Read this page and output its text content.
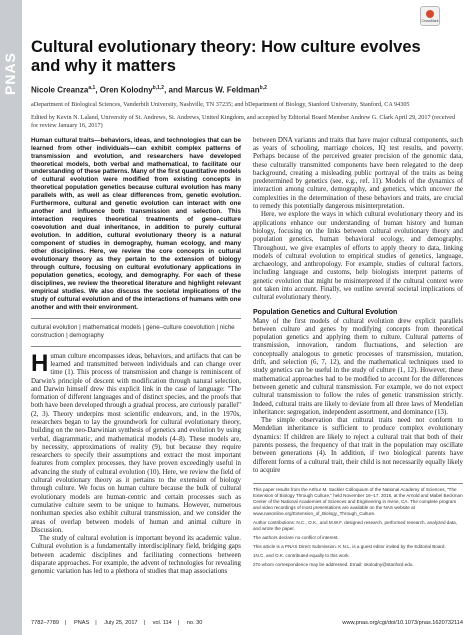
PNAS
CrossMark
Cultural evolutionary theory: How culture evolves and why it matters
Nicole Creanza$^{a,1}$, Oren Kolodny$^{b,1,2}$, and Marcus W. Feldman$^{b,2}$
aDepartment of Biological Sciences, Vanderbilt University, Nashville, TN 37235; and bDepartment of Biology, Stanford University, Stanford, CA 94305
Edited by Kevin N. Laland, University of St. Andrews, St. Andrews, United Kingdom, and accepted by Editorial Board Member Andrew G. Clark April 29, 2017 (received for review January 16, 2017)
Human cultural traits—behaviors, ideas, and technologies that can be learned from other individuals—can exhibit complex patterns of transmission and evolution, and researchers have developed theoretical models, both verbal and mathematical, to facilitate our understanding of these patterns. Many of the first quantitative models of cultural evolution were modified from existing concepts in theoretical population genetics because cultural evolution has many parallels with, as well as clear differences from, genetic evolution. Furthermore, cultural and genetic evolution can interact with one another and influence both transmission and selection. This interaction requires theoretical treatments of gene–culture coevolution and dual inheritance, in addition to purely cultural evolution. In addition, cultural evolutionary theory is a natural component of studies in demography, human ecology, and many other disciplines. Here, we review the core concepts in cultural evolutionary theory as they pertain to the extension of biology through culture, focusing on cultural evolutionary applications in population genetics, ecology, and demography. For each of these disciplines, we review the theoretical literature and highlight relevant empirical studies. We also discuss the societal implications of the study of cultural evolution and of the interactions of humans with one another and with their environment.
cultural evolution | mathematical models | gene–culture coevolution | niche construction | demography
H uman culture encompasses ideas, behaviors, and artifacts that can be learned and transmitted between individuals and can change over time (1). This process of transmission and change is reminiscent of Darwin's principle of descent with modification through natural selection, and Darwin himself drew this explicit link in the case of language: "The formation of different languages and of distinct species, and the proofs that both have been developed through a gradual process, are curiously parallel" (2, 3). Theory underpins most scientific endeavors, and, in the 1970s, researchers began to lay the groundwork for cultural evolutionary theory, building on the neo-Darwinian synthesis of genetics and evolution by using verbal, diagrammatic, and mathematical models (4–8). These models are, by necessity, approximations of reality (9), but because they require researchers to specify their assumptions and extract the most important features from complex processes, they have proven exceedingly useful in advancing the study of cultural evolution (10). Here, we review the field of cultural evolutionary theory as it pertains to the extension of biology through culture. We focus on human culture because the bulk of cultural evolutionary models are human-centric and certain processes such as cumulative culture seem to be unique to humans. However, numerous nonhuman species also exhibit cultural transmission, and we consider the areas of overlap between models of human and animal culture in Discussion.

The study of cultural evolution is important beyond its academic value. Cultural evolution is a fundamentally interdisciplinary field, bridging gaps between academic disciplines and facilitating connections between disparate approaches. For example, the advent of technologies for revealing genomic variation has led to a plethora of studies that map associations

between DNA variants and traits that have major cultural components, such as years of schooling, marriage choices, IQ test results, and poverty. Perhaps because of the perceived greater precision of the genomic data, these culturally transmitted components have been relegated to the deep background, creating a misleading public portrayal of the traits as being predetermined by genetics (see, e.g., ref. 11). Models of the dynamics of interaction among culture, demography, and genetics, which uncover the complexities in the determination of these behaviors and traits, are crucial to remedy this potentially dangerous misinterpretation.

Here, we explore the ways in which cultural evolutionary theory and its applications enhance our understanding of human history and human biology, focusing on the links between cultural evolutionary theory and population genetics, human behavioral ecology, and demography. Throughout, we give examples of efforts to apply theory to data, linking models of cultural evolution to empirical studies of genetics, language, archaeology, and anthropology. For example, studies of cultural factors, including language and customs, help biologists interpret patterns of genetic evolution that might be misinterpreted if the cultural context were not taken into account. Finally, we outline several societal implications of cultural evolutionary theory.

Population Genetics and Cultural Evolution

Many of the first models of cultural evolution drew explicit parallels between culture and genes by modifying concepts from theoretical population genetics and applying them to culture. Cultural patterns of transmission, innovation, random fluctuations, and selection are conceptually analogous to genetic processes of transmission, mutation, drift, and selection (6, 7, 12), and the mathematical techniques used to study genetics can be useful in the study of culture (1, 12). However, these mathematical approaches had to be modified to account for the differences between genetic and cultural transmission. For example, we do not expect cultural transmission to follow the rules of genetic transmission strictly. Indeed, cultural traits are likely to deviate from all three laws of Mendelian inheritance: segregation, independent assortment, and dominance (13).

The simple observation that cultural traits need not conform to Mendelian inheritance is sufficient to produce complex evolutionary dynamics: If children are likely to reject a cultural trait that both of their parents possess, the frequency of that trait in the population may oscillate between generations (4). In addition, if two biological parents have different forms of a cultural trait, their child is not necessarily equally likely to acquire

This paper results from the Arthur M. Sackler Colloquium of the National Academy of Sciences, "The Extension of Biology Through Culture," held November 16–17, 2016, at the Arnold and Mabel Beckman Center of the National Academies of Sciences and Engineering in Irvine, CA. The complete program and video recordings of most presentations are available on the NAS website at www.nasonline.org/Extension_of_Biology_Through_Culture.

Author contributions: N.C., O.K., and M.W.F. designed research, performed research, analyzed data, and wrote the paper.

The authors declare no conflict of interest.

This article is a PNAS Direct Submission. K.N.L. is a guest editor invited by the Editorial Board.

1N.C. and O.K. contributed equally to this work.

2To whom correspondence may be addressed. Email: okolodny@stanford.edu.

7782–7789 | PNAS | July 25, 2017 | vol. 114 | no. 30	www.pnas.org/cgi/doi/10.1073/pnas.1620732114
